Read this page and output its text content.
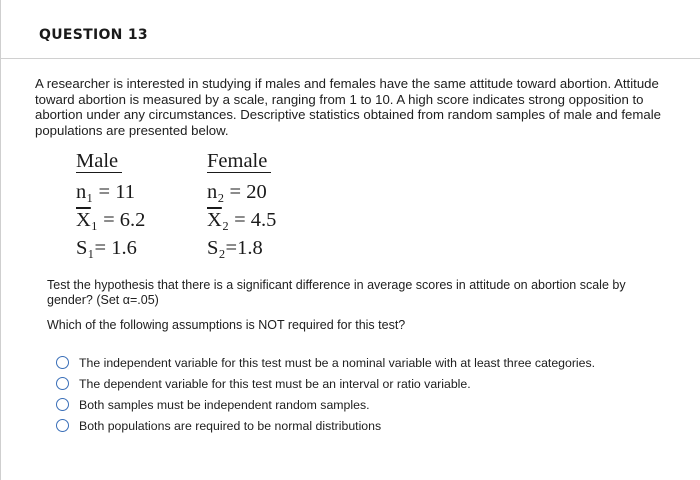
QUESTION 13
A researcher is interested in studying if males and females have the same attitude toward abortion. Attitude toward abortion is measured by a scale, ranging from 1 to 10. A high score indicates strong opposition to abortion under any circumstances. Descriptive statistics obtained from random samples of male and female populations are presented below.
Male
n₁ = 11
$\overline{X}_1 = 6.2$
S₁= 1.6
Female
n₂ = 20
$\overline{X}_2 = 4.5$
S₂=1.8
Test the hypothesis that there is a significant difference in average scores in attitude on abortion scale by gender? (Set α=.05)
Which of the following assumptions is NOT required for this test?
The independent variable for this test must be a nominal variable with at least three categories.
The dependent variable for this test must be an interval or ratio variable.
Both samples must be independent random samples.
Both populations are required to be normal distributions
